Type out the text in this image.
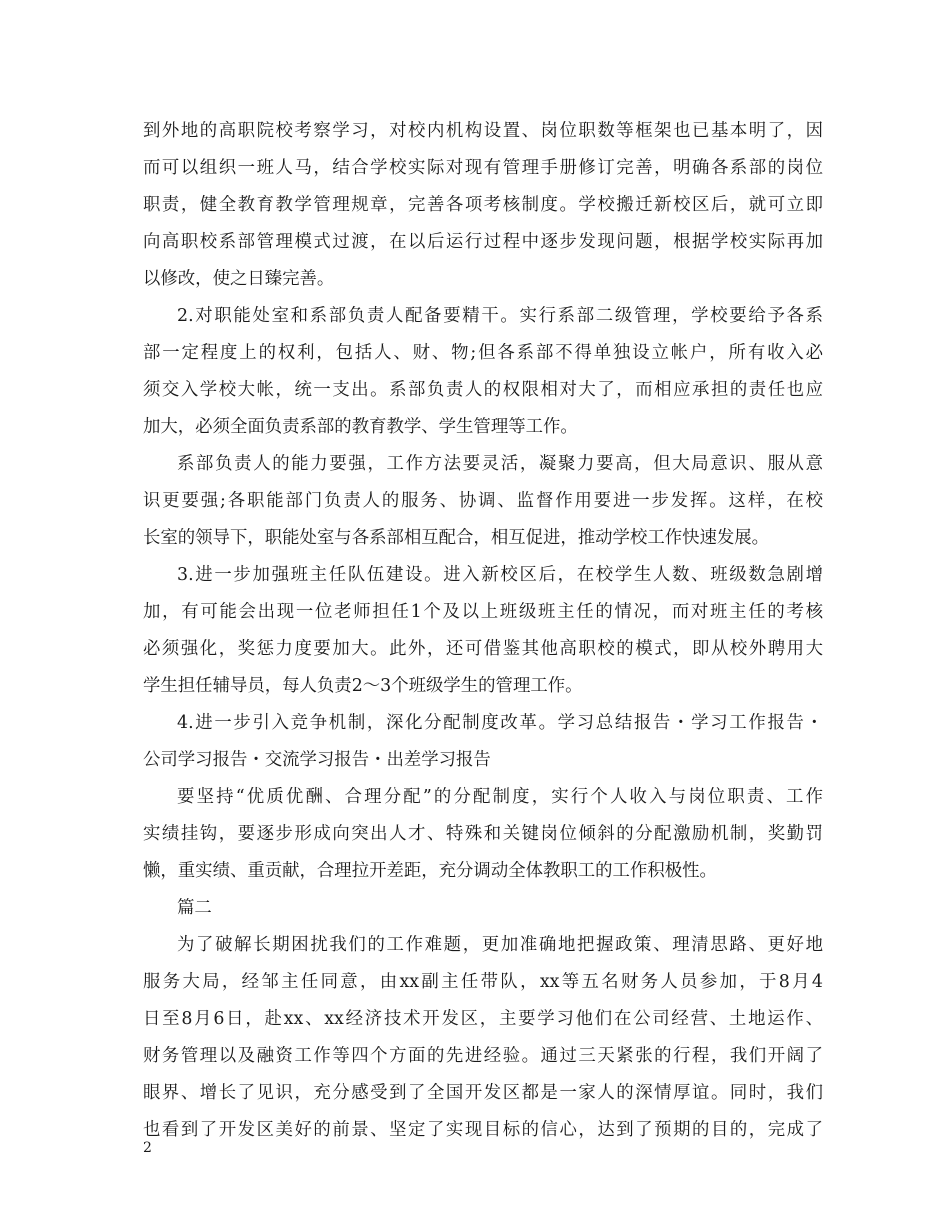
到外地的高职院校考察学习，对校内机构设置、岗位职数等框架也已基本明了，因
而可以组织一班人马，结合学校实际对现有管理手册修订完善，明确各系部的岗位
职责，健全教育教学管理规章，完善各项考核制度。学校搬迁新校区后，就可立即
向高职校系部管理模式过渡，在以后运行过程中逐步发现问题，根据学校实际再加
以修改，使之日臻完善。
2.对职能处室和系部负责人配备要精干。实行系部二级管理，学校要给予各系
部一定程度上的权利，包括人、财、物;但各系部不得单独设立帐户，所有收入必
须交入学校大帐，统一支出。系部负责人的权限相对大了，而相应承担的责任也应
加大，必须全面负责系部的教育教学、学生管理等工作。
系部负责人的能力要强，工作方法要灵活，凝聚力要高，但大局意识、服从意
识更要强;各职能部门负责人的服务、协调、监督作用要进一步发挥。这样，在校
长室的领导下，职能处室与各系部相互配合，相互促进，推动学校工作快速发展。
3.进一步加强班主任队伍建设。进入新校区后，在校学生人数、班级数急剧增
加，有可能会出现一位老师担任1个及以上班级班主任的情况，而对班主任的考核
必须强化，奖惩力度要加大。此外，还可借鉴其他高职校的模式，即从校外聘用大
学生担任辅导员，每人负责2～3个班级学生的管理工作。
4.进一步引入竞争机制，深化分配制度改革。学习总结报告・学习工作报告・
公司学习报告・交流学习报告・出差学习报告
要坚持“优质优酬、合理分配”的分配制度，实行个人收入与岗位职责、工作
实绩挂钩，要逐步形成向突出人才、特殊和关键岗位倾斜的分配激励机制，奖勤罚
懒，重实绩、重贡献，合理拉开差距，充分调动全体教职工的工作积极性。
篇二
为了破解长期困扰我们的工作难题，更加准确地把握政策、理清思路、更好地
服务大局，经邹主任同意，由xx副主任带队，xx等五名财务人员参加，于8月4
日至8月6日，赴xx、xx经济技术开发区，主要学习他们在公司经营、土地运作、
财务管理以及融资工作等四个方面的先进经验。通过三天紧张的行程，我们开阔了
眼界、增长了见识，充分感受到了全国开发区都是一家人的深情厚谊。同时，我们
也看到了开发区美好的前景、坚定了实现目标的信心，达到了预期的目的，完成了
2
